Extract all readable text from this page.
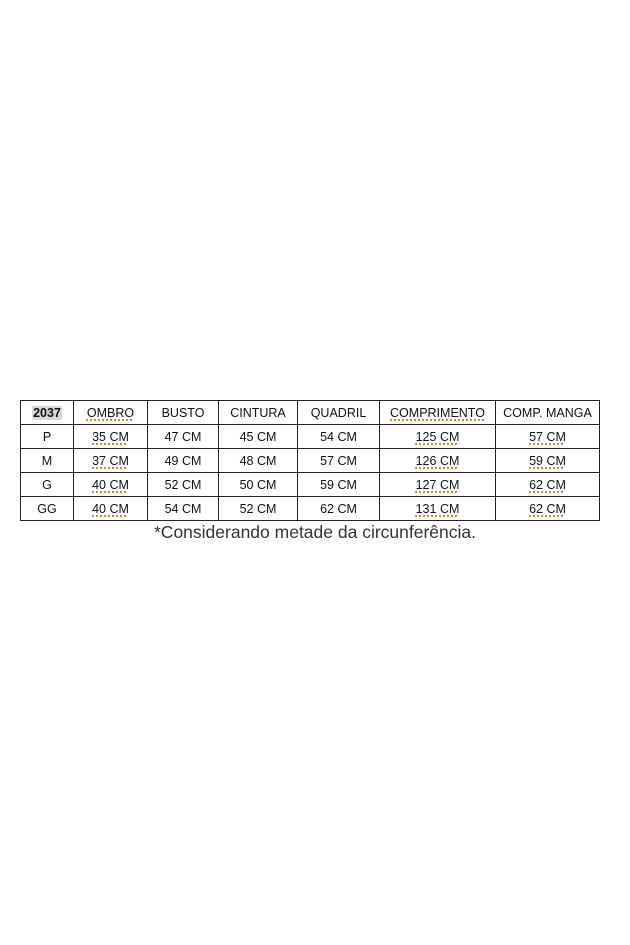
2037	OMBRO	BUSTO	CINTURA	QUADRIL	COMPRIMENTO	COMP. MANGA
P	35 CM	47 CM	45 CM	54 CM	125 CM	57 CM
M	37 CM	49 CM	48 CM	57 CM	126 CM	59 CM
G	40 CM	52 CM	50 CM	59 CM	127 CM	62 CM
GG	40 CM	54 CM	52 CM	62 CM	131 CM	62 CM
*Considerando metade da circunferência.
